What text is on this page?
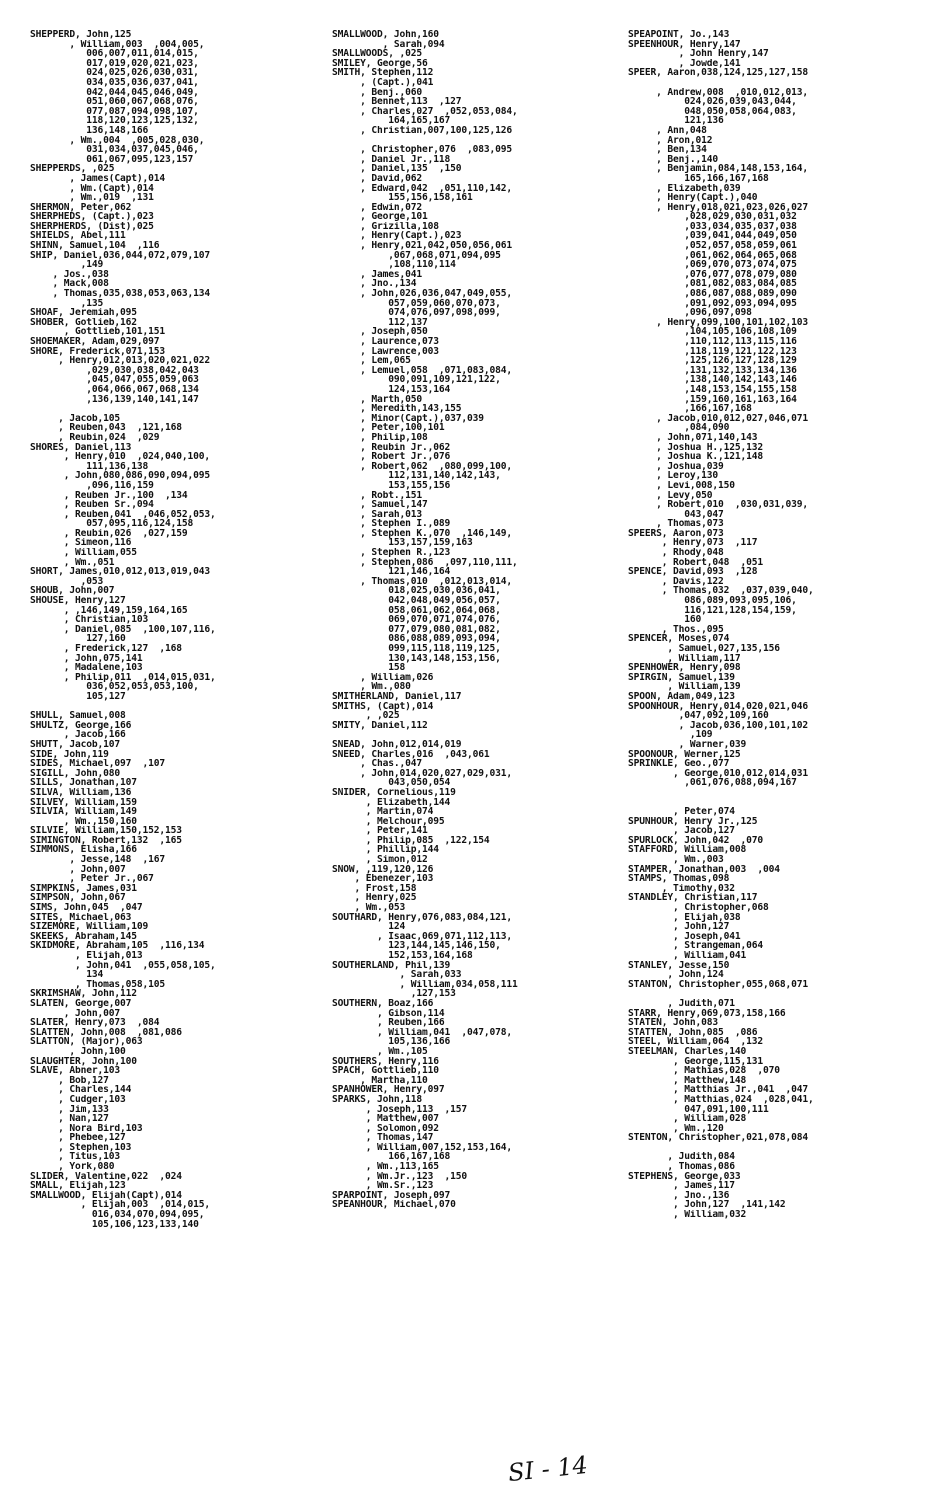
SHEPPERD, John,125
, William,003  ,004,005,
006,007,011,014,015,
017,019,020,021,023,
024,025,026,030,031,
034,035,036,037,041,
042,044,045,046,049,
051,060,067,068,076,
077,087,094,098,107,
118,120,123,125,132,
136,148,166
, Wm.,004  ,005,028,030,
031,034,037,045,046,
061,067,095,123,157
SHEPPERDS, ,025
, James(Capt),014
, Wm.(Capt),014
, Wm.,019  ,131
SHERMON, Peter,062
SHERPHEDS, (Capt.),023
SHERPHERDS, (Dist),025
SHIELDS, Abel,111
SHINN, Samuel,104  ,116
SHIP, Daniel,036,044,072,079,107
,149
, Jos.,038
, Mack,008
, Thomas,035,038,053,063,134
,135
SHOAF, Jeremiah,095
SHOBER, Gotlieb,162
, Gottlieb,101,151
SHOEMAKER, Adam,029,097
SHORE, Frederick,071,153
, Henry,012,013,020,021,022
,029,030,038,042,043
,045,047,055,059,063
,064,066,067,068,134
,136,139,140,141,147
, Jacob,105
, Reuben,043  ,121,168
, Reubin,024  ,029
SHORES, Daniel,113
, Henry,010  ,024,040,100,
111,136,138
, John,080,086,090,094,095
,096,116,159
, Reuben Jr.,100  ,134
, Reuben Sr.,094
, Reuben,041  ,046,052,053,
057,095,116,124,158
, Reubin,026  ,027,159
, Simeon,116
, William,055
, Wm.,051
SHORT, James,010,012,013,019,043
,053
SHOUB, John,007
SHOUSE, Henry,127
, ,146,149,159,164,165
, Christian,103
, Daniel,085  ,100,107,116,
127,160
, Frederick,127  ,168
, John,075,141
, Madalene,103
, Philip,011  ,014,015,031,
036,052,053,053,100,
105,127
SHULL, Samuel,008
SHULTZ, George,166
, Jacob,166
SHUTT, Jacob,107
SIDE, John,119
SIDES, Michael,097  ,107
SIGILL, John,080
SILLS, Jonathan,107
SILVA, William,136
SILVEY, William,159
SILVIA, William,149
, Wm.,150,160
SILVIE, William,150,152,153
SIMINGTON, Robert,132  ,165
SIMMONS, Elisha,166
, Jesse,148  ,167
, John,007
, Peter Jr.,067
SIMPKINS, James,031
SIMPSON, John,067
SIMS, John,045  ,047
SITES, Michael,063
SIZEMORE, William,109
SKEEKS, Abraham,145
SKIDMORE, Abraham,105  ,116,134
, Elijah,013
, John,041  ,055,058,105,
134
, Thomas,058,105
SKRIMSHAW, John,112
SLATEN, George,007
, John,007
SLATER, Henry,073  ,084
SLATTEN, John,008  ,081,086
SLATTON, (Major),063
, John,100
SLAUGHTER, John,100
SLAVE, Abner,103
, Bob,127
, Charles,144
, Cudger,103
, Jim,133
, Nan,127
, Nora Bird,103
, Phebee,127
, Stephen,103
, Titus,103
, York,080
SLIDER, Valentine,022  ,024
SMALL, Elijah,123
SMALLWOOD, Elijah(Capt),014
, Elijah,003  ,014,015,
016,034,070,094,095,
105,106,123,133,140
SMALLWOOD, John,160
, Sarah,094
SMALLWOODS, ,025
SMILEY, George,56
SMITH, Stephen,112
, (Capt.),041
, Benj.,060
, Bennet,113  ,127
, Charles,027  ,052,053,084,
164,165,167
, Christian,007,100,125,126
, Christopher,076  ,083,095
, Daniel Jr.,118
, Daniel,135  ,150
, David,062
, Edward,042  ,051,110,142,
155,156,158,161
, Edwin,072
, George,101
, Grizilla,108
, Henry(Capt.),023
, Henry,021,042,050,056,061
,067,068,071,094,095
,108,110,114
, James,041
, Jno.,134
, John,026,036,047,049,055,
057,059,060,070,073,
074,076,097,098,099,
112,137
, Joseph,050
, Laurence,073
, Lawrence,003
, Lem,065
, Lemuel,058  ,071,083,084,
090,091,109,121,122,
124,153,164
, Marth,050
, Meredith,143,155
, Minor(Capt.),037,039
, Peter,100,101
, Philip,108
, Reubin Jr.,062
, Robert Jr.,076
, Robert,062  ,080,099,100,
112,131,140,142,143,
153,155,156
, Robt.,151
, Samuel,147
, Sarah,013
, Stephen I.,089
, Stephen K.,070  ,146,149,
153,157,159,163
, Stephen R.,123
, Stephen,086  ,097,110,111,
121,146,164
, Thomas,010  ,012,013,014,
018,025,030,036,041,
042,048,049,056,057,
058,061,062,064,068,
069,070,071,074,076,
077,079,080,081,082,
086,088,089,093,094,
099,115,118,119,125,
130,143,148,153,156,
158
, William,026
, Wm.,080
SMITHERLAND, Daniel,117
SMITHS, (Capt),014
, ,025
SMITY, Daniel,112
SNEAD, John,012,014,019
SNEED, Charles,016  ,043,061
, Chas.,047
, John,014,020,027,029,031,
043,050,054
SNIDER, Cornelious,119
, Elizabeth,144
, Martin,074
, Melchour,095
, Peter,141
, Philip,085  ,122,154
, Phillip,144
, Simon,012
SNOW, ,119,120,126
, Ebenezer,103
, Frost,158
, Henry,025
, Wm.,053
SOUTHARD, Henry,076,083,084,121,
124
, Isaac,069,071,112,113,
123,144,145,146,150,
152,153,164,168
SOUTHERLAND, Phil,139
, Sarah,033
, William,034,058,111
,127,153
SOUTHERN, Boaz,166
, Gibson,114
, Reuben,166
, William,041  ,047,078,
105,136,166
, Wm.,105
SOUTHERS, Henry,116
SPACH, Gottlieb,110
, Martha,110
SPANHOWER, Henry,097
SPARKS, John,118
, Joseph,113  ,157
, Matthew,007
, Solomon,092
, Thomas,147
, William,007,152,153,164,
166,167,168
, Wm.,113,165
, Wm.Jr.,123  ,150
, Wm.Sr.,123
SPARPOINT, Joseph,097
SPEANHOUR, Michael,070
SPEAPOINT, Jo.,143
SPEENHOUR, Henry,147
, John Henry,147
, Jowde,141
SPEER, Aaron,038,124,125,127,158
, Andrew,008  ,010,012,013,
024,026,039,043,044,
048,050,058,064,083,
121,136
, Ann,048
, Aron,012
, Ben,134
, Benj.,140
, Benjamin,084,148,153,164,
165,166,167,168
, Elizabeth,039
, Henry(Capt.),040
, Henry,018,021,023,026,027
,028,029,030,031,032
,033,034,035,037,038
,039,041,044,049,050
,052,057,058,059,061
,061,062,064,065,068
,069,070,073,074,075
,076,077,078,079,080
,081,082,083,084,085
,086,087,088,089,090
,091,092,093,094,095
,096,097,098
, Henry,099,100,101,102,103
,104,105,106,108,109
,110,112,113,115,116
,118,119,121,122,123
,125,126,127,128,129
,131,132,133,134,136
,138,140,142,143,146
,148,153,154,155,158
,159,160,161,163,164
,166,167,168
, Jacob,010,012,027,046,071
,084,090
, John,071,140,143
, Joshua H.,125,132
, Joshua K.,121,148
, Joshua,039
, Leroy,130
, Levi,008,150
, Levy,050
, Robert,010  ,030,031,039,
043,047
, Thomas,073
SPEERS, Aaron,073
, Henry,073  ,117
, Rhody,048
, Robert,048  ,051
SPENCE, David,093  ,128
, Davis,122
, Thomas,032  ,037,039,040,
086,089,093,095,106,
116,121,128,154,159,
160
, Thos.,095
SPENCER, Moses,074
, Samuel,027,135,156
, William,117
SPENHOWER, Henry,098
SPIRGIN, Samuel,139
, William,139
SPOON, Adam,049,123
SPOONHOUR, Henry,014,020,021,046
,047,092,109,160
, Jacob,036,100,101,102
,109
, Warner,039
SPOONOUR, Werner,125
SPRINKLE, Geo.,077
, George,010,012,014,031
,061,076,088,094,167
, Peter,074
SPUNHOUR, Henry Jr.,125
, Jacob,127
SPURLOCK, John,042  ,070
STAFFORD, William,008
, Wm.,003
STAMPER, Jonathan,003  ,004
STAMPS, Thomas,098
, Timothy,032
STANDLEY, Christian,117
, Christopher,068
, Elijah,038
, John,127
, Joseph,041
, Strangeman,064
, William,041
STANLEY, Jesse,150
, John,124
STANTON, Christopher,055,068,071
, Judith,071
STARR, Henry,069,073,158,166
STATEN, John,083
STATTEN, John,085  ,086
STEEL, William,064  ,132
STEELMAN, Charles,140
, George,115,131
, Mathias,028  ,070
, Matthew,148
, Matthias Jr.,041  ,047
, Matthias,024  ,028,041,
047,091,100,111
, William,028
, Wm.,120
STENTON, Christopher,021,078,084
, Judith,084
, Thomas,086
STEPHENS, George,033
, James,117
, Jno.,136
, John,127  ,141,142
, William,032
SI - 14
